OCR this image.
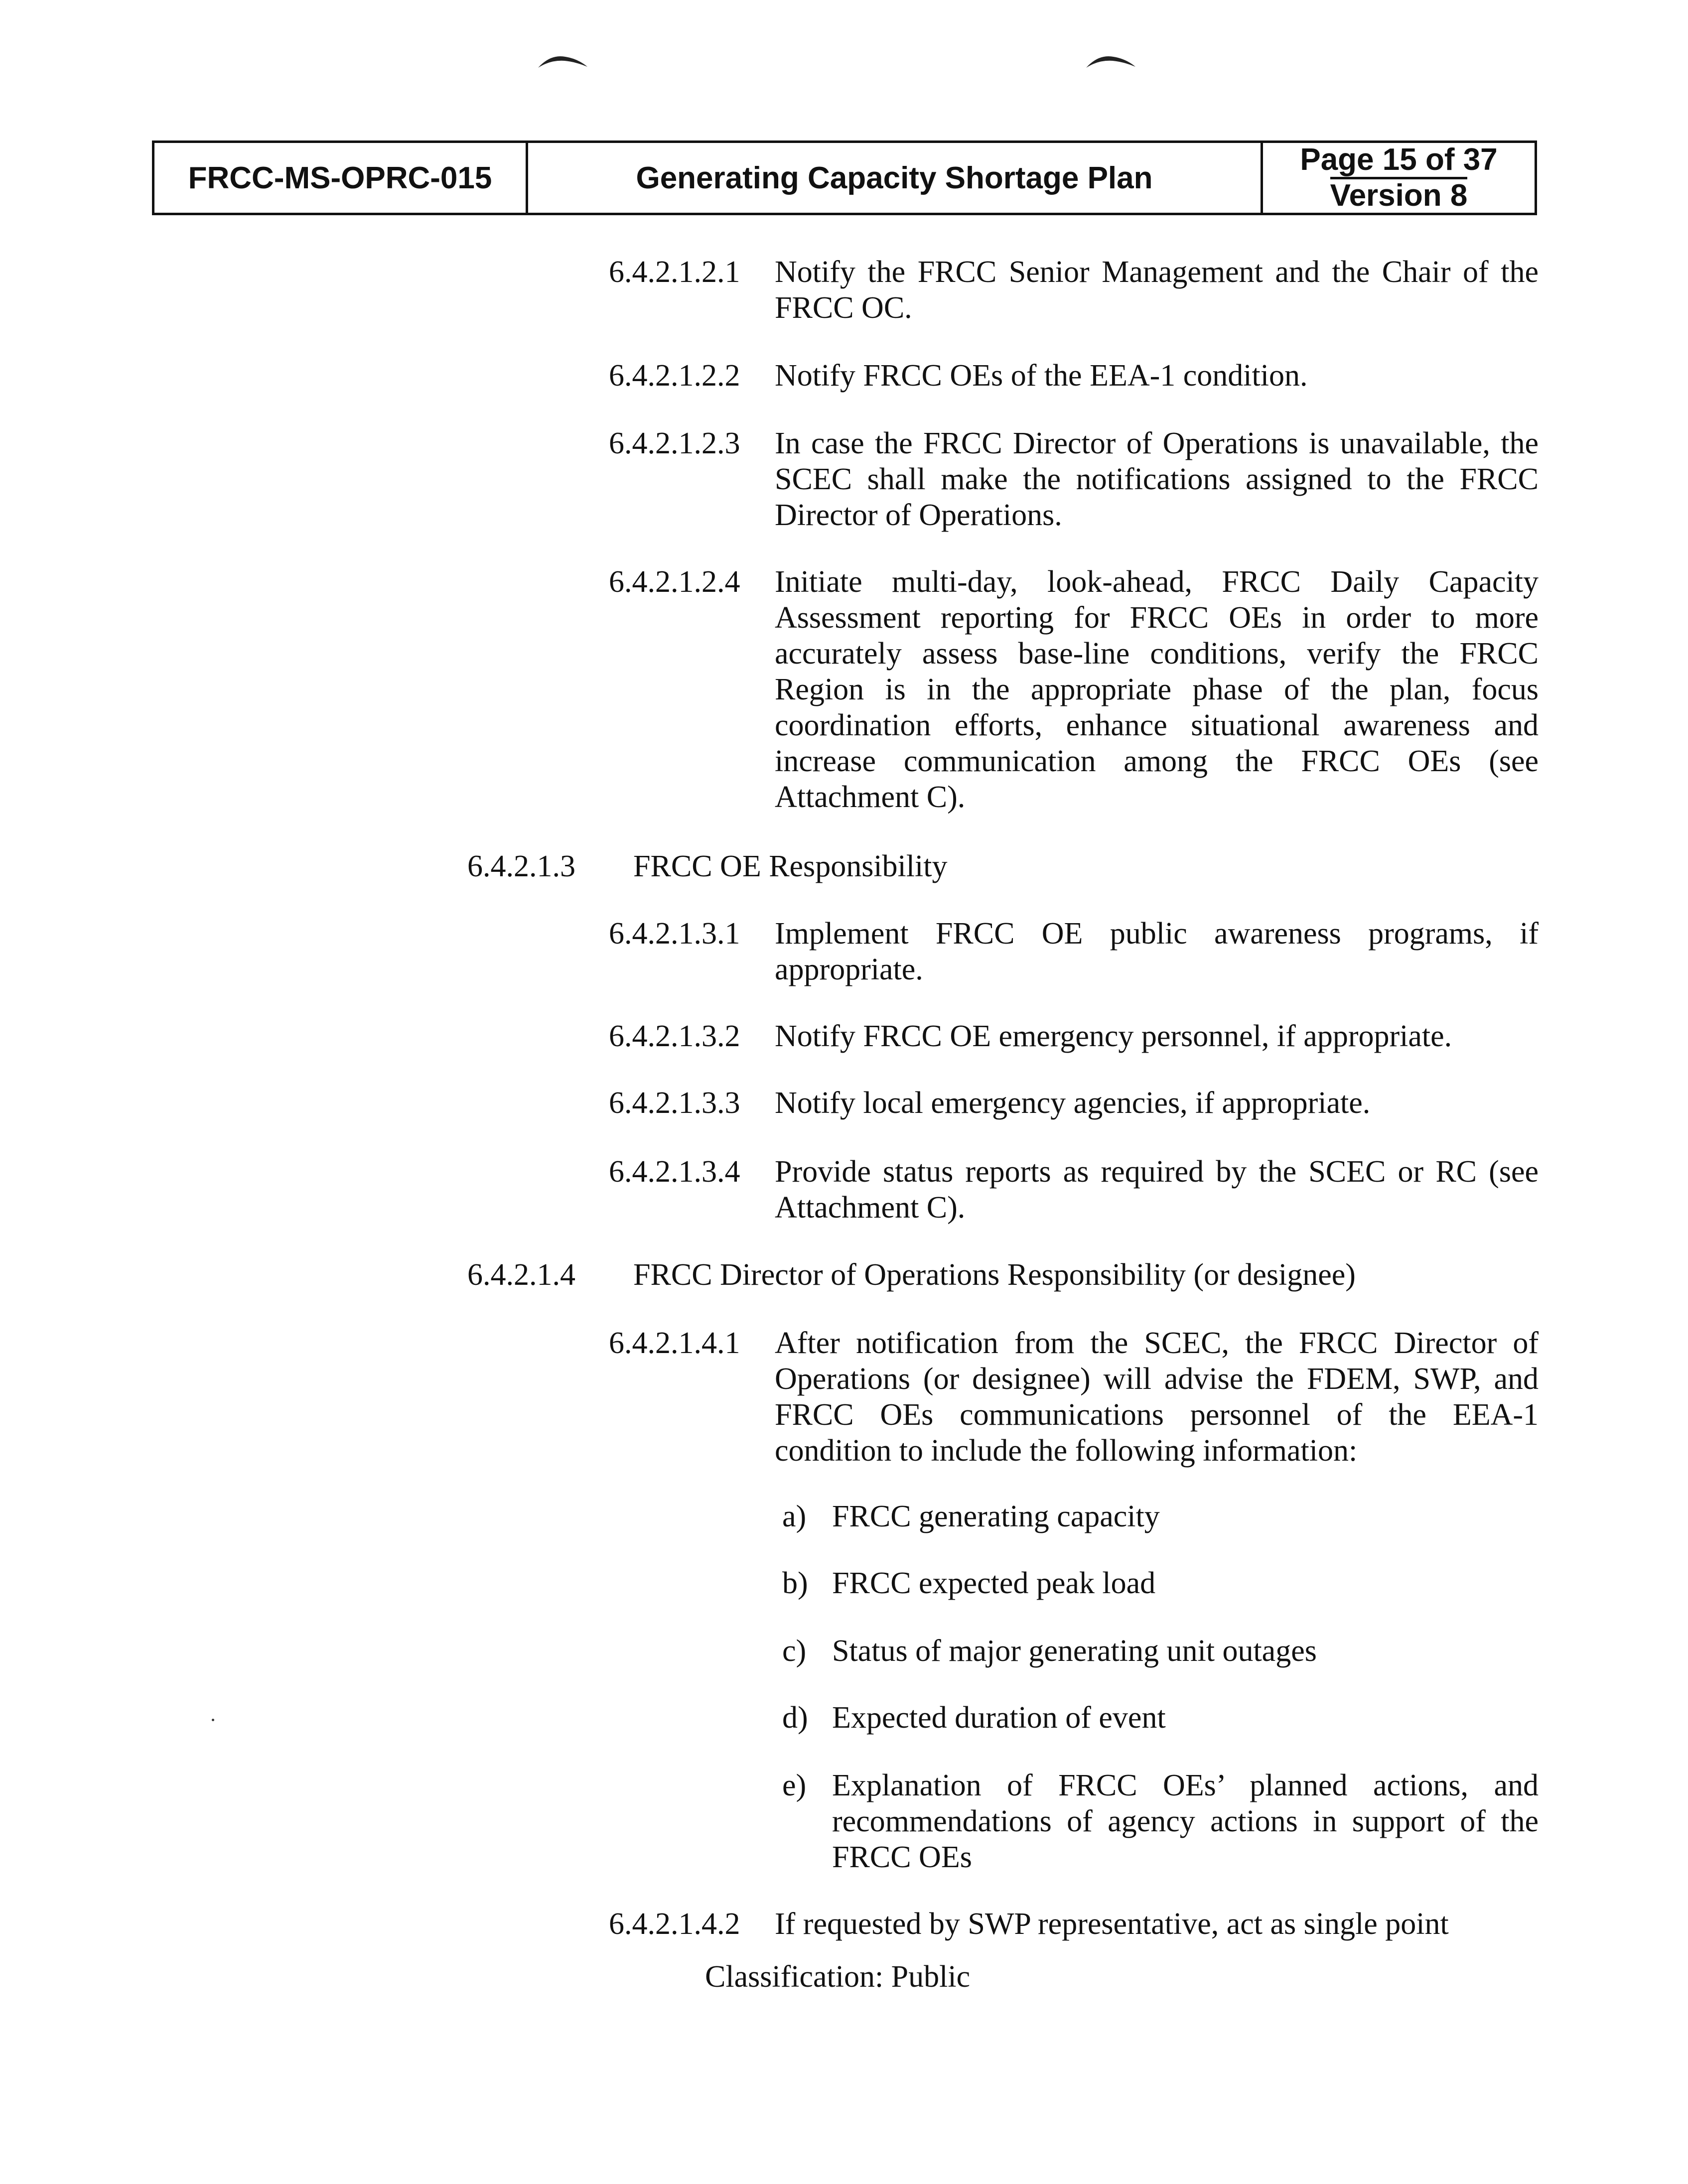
FRCC-MS-OPRC-015	Generating Capacity Shortage Plan
Page 15 of 37
Version 8
6.4.2.1.2.1	Notify the FRCC Senior Management and the Chair of the FRCC OC.
6.4.2.1.2.2	Notify FRCC OEs of the EEA-1 condition.
6.4.2.1.2.3	In case the FRCC Director of Operations is unavailable, the SCEC shall make the notifications assigned to the FRCC Director of Operations.
6.4.2.1.2.4	Initiate multi-day, look-ahead, FRCC Daily Capacity Assessment reporting for FRCC OEs in order to more accurately assess base-line conditions, verify the FRCC Region is in the appropriate phase of the plan, focus coordination efforts, enhance situational awareness and increase communication among the FRCC OEs (see Attachment C).
6.4.2.1.3	FRCC OE Responsibility
6.4.2.1.3.1	Implement FRCC OE public awareness programs, if appropriate.
6.4.2.1.3.2	Notify FRCC OE emergency personnel, if appropriate.
6.4.2.1.3.3	Notify local emergency agencies, if appropriate.
6.4.2.1.3.4	Provide status reports as required by the SCEC or RC (see Attachment C).
6.4.2.1.4	FRCC Director of Operations Responsibility (or designee)
6.4.2.1.4.1	After notification from the SCEC, the FRCC Director of Operations (or designee) will advise the FDEM, SWP, and FRCC OEs communications personnel of the EEA-1 condition to include the following information:
a) FRCC generating capacity
b) FRCC expected peak load
c) Status of major generating unit outages
d) Expected duration of event
e) Explanation of FRCC OEs’ planned actions, and recommendations of agency actions in support of the FRCC OEs
6.4.2.1.4.2	If requested by SWP representative, act as single point
Classification: Public
